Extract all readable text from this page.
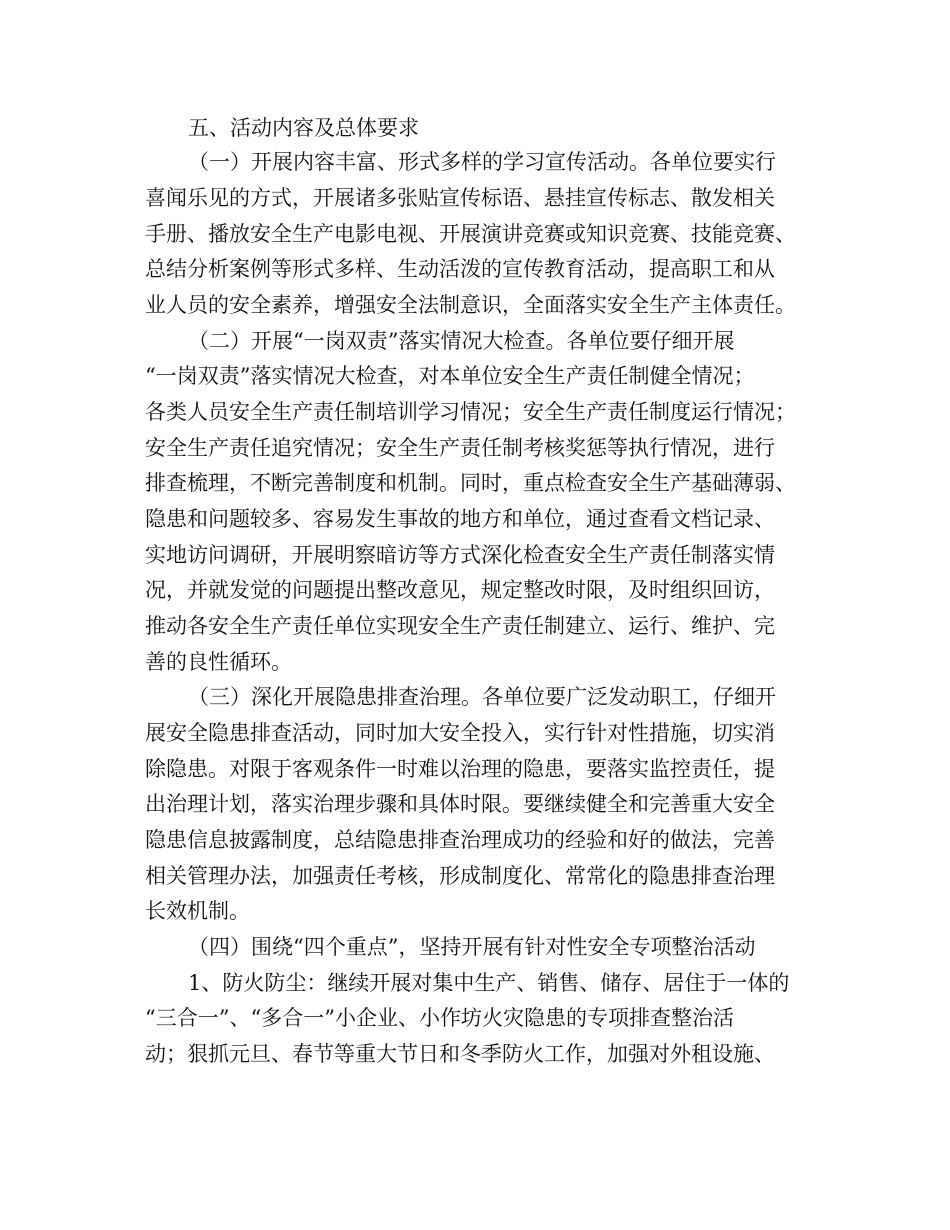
五、活动内容及总体要求
（一）开展内容丰富、形式多样的学习宣传活动。各单位要实行
喜闻乐见的方式，开展诸多张贴宣传标语、悬挂宣传标志、散发相关
手册、播放安全生产电影电视、开展演讲竞赛或知识竞赛、技能竞赛、
总结分析案例等形式多样、生动活泼的宣传教育活动，提高职工和从
业人员的安全素养，增强安全法制意识，全面落实安全生产主体责任。
（二）开展“一岗双责”落实情况大检查。各单位要仔细开展
“一岗双责”落实情况大检查，对本单位安全生产责任制健全情况；
各类人员安全生产责任制培训学习情况；安全生产责任制度运行情况；
安全生产责任追究情况；安全生产责任制考核奖惩等执行情况，进行
排查梳理，不断完善制度和机制。同时，重点检查安全生产基础薄弱、
隐患和问题较多、容易发生事故的地方和单位，通过查看文档记录、
实地访问调研，开展明察暗访等方式深化检查安全生产责任制落实情
况，并就发觉的问题提出整改意见，规定整改时限，及时组织回访，
推动各安全生产责任单位实现安全生产责任制建立、运行、维护、完
善的良性循环。
（三）深化开展隐患排查治理。各单位要广泛发动职工，仔细开
展安全隐患排查活动，同时加大安全投入，实行针对性措施，切实消
除隐患。对限于客观条件一时难以治理的隐患，要落实监控责任，提
出治理计划，落实治理步骤和具体时限。要继续健全和完善重大安全
隐患信息披露制度，总结隐患排查治理成功的经验和好的做法，完善
相关管理办法，加强责任考核，形成制度化、常常化的隐患排查治理
长效机制。
（四）围绕“四个重点”，坚持开展有针对性安全专项整治活动
1、防火防尘：继续开展对集中生产、销售、储存、居住于一体的
“三合一”、“多合一”小企业、小作坊火灾隐患的专项排查整治活
动；狠抓元旦、春节等重大节日和冬季防火工作，加强对外租设施、
